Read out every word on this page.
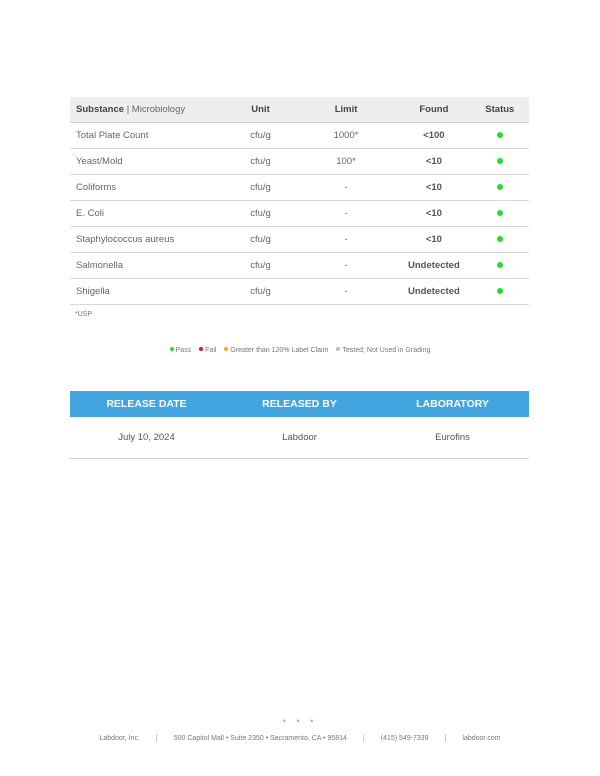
Substance | Microbiology	Unit	Limit	Found	Status
Total Plate Count	cfu/g	1000*	<100	
Yeast/Mold	cfu/g	100*	<10	
Coliforms	cfu/g	-	<10	
E. Coli	cfu/g	-	<10	
Staphylococcus aureus	cfu/g	-	<10	
Salmonella	cfu/g	-	Undetected	
Shigella	cfu/g	-	Undetected	
*USP
Pass Fail Greater than 120% Label Claim Tested; Not Used in Grading
RELEASE DATE	RELEASED BY	LABORATORY
July 10, 2024	Labdoor	Eurofins
• • •
Labdoor, Inc. | 500 Capitol Mall • Suite 2350 • Sacramento, CA • 95814 | (415) 549-7339 | labdoor.com
